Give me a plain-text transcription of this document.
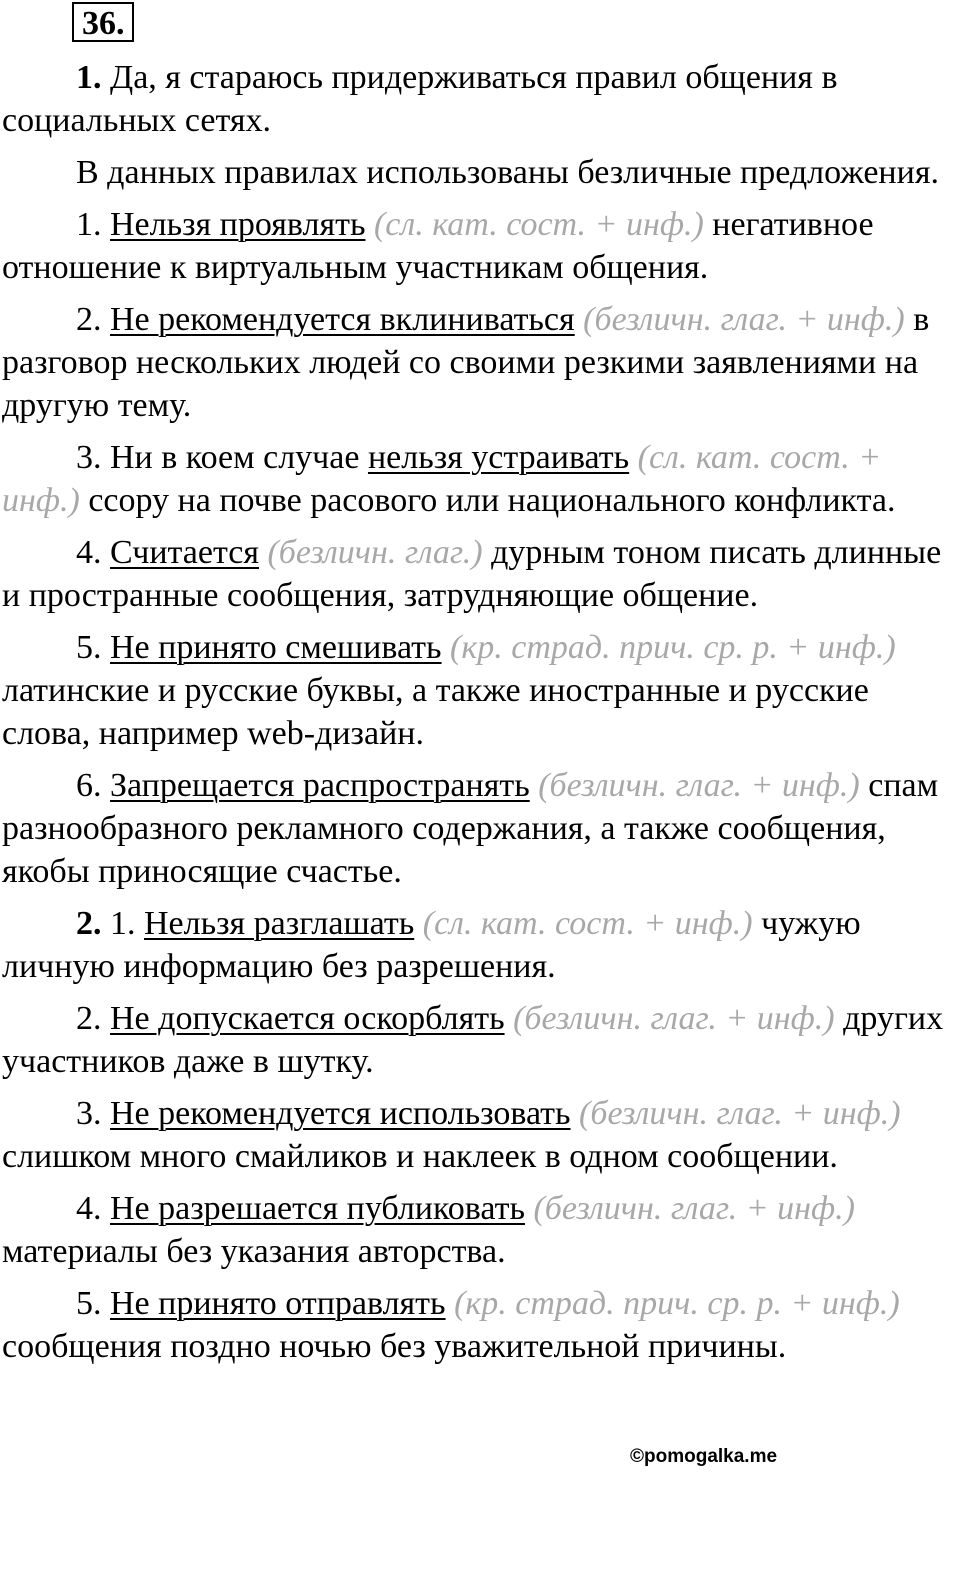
36.

1. Да, я стараюсь придерживаться правил общения в социальных сетях.

В данных правилах использованы безличные предложения.

1. Нельзя проявлять (сл. кат. сост. + инф.) негативное отношение к виртуальным участникам общения.

2. Не рекомендуется вклиниваться (безличн. глаг. + инф.) в разговор нескольких людей со своими резкими заявлениями на другую тему.

3. Ни в коем случае нельзя устраивать (сл. кат. сост. + инф.) ссору на почве расового или национального конфликта.

4. Считается (безличн. глаг.) дурным тоном писать длинные и пространные сообщения, затрудняющие общение.

5. Не принято смешивать (кр. страд. прич. ср. р. + инф.) латинские и русские буквы, а также иностранные и русские слова, например web-дизайн.

6. Запрещается распространять (безличн. глаг. + инф.) спам разнообразного рекламного содержания, а также сообщения, якобы приносящие счастье.

2. 1. Нельзя разглашать (сл. кат. сост. + инф.) чужую личную информацию без разрешения.

2. Не допускается оскорблять (безличн. глаг. + инф.) других участников даже в шутку.

3. Не рекомендуется использовать (безличн. глаг. + инф.) слишком много смайликов и наклеек в одном сообщении.

4. Не разрешается публиковать (безличн. глаг. + инф.) материалы без указания авторства.

5. Не принято отправлять (кр. страд. прич. ср. р. + инф.) сообщения поздно ночью без уважительной причины.

©pomogalka.me
